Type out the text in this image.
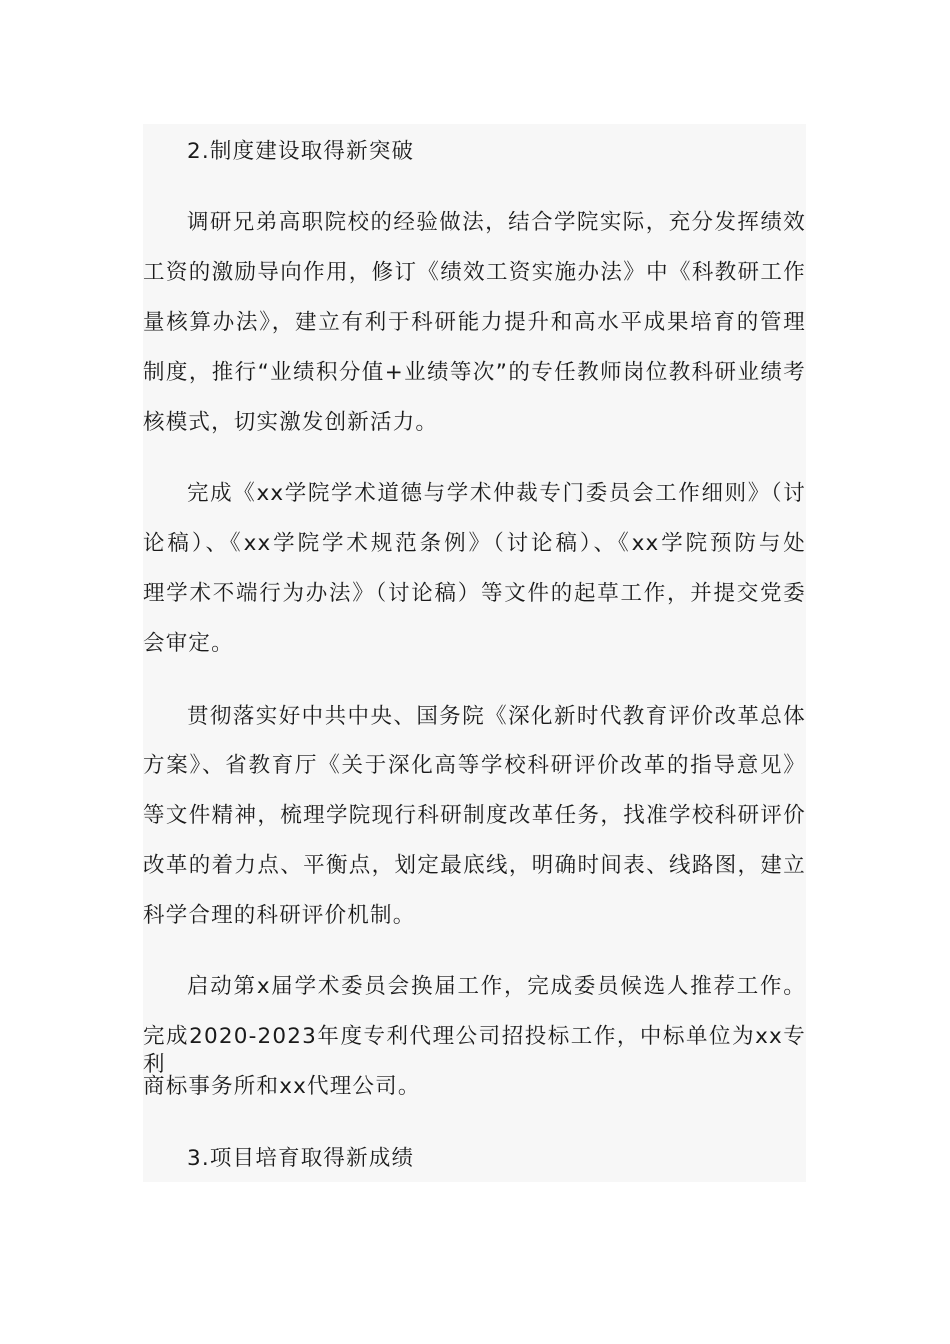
2.制度建设取得新突破
调研兄弟高职院校的经验做法，结合学院实际，充分发挥绩效
工资的激励导向作用，修订《绩效工资实施办法》中《科教研工作
量核算办法》，建立有利于科研能力提升和高水平成果培育的管理
制度，推行“业绩积分值+业绩等次”的专任教师岗位教科研业绩考
核模式，切实激发创新活力。
完成《xx学院学术道德与学术仲裁专门委员会工作细则》（讨
论稿）、《xx学院学术规范条例》（讨论稿）、《xx学院预防与处
理学术不端行为办法》（讨论稿）等文件的起草工作，并提交党委
会审定。
贯彻落实好中共中央、国务院《深化新时代教育评价改革总体
方案》、省教育厅《关于深化高等学校科研评价改革的指导意见》
等文件精神，梳理学院现行科研制度改革任务，找准学校科研评价
改革的着力点、平衡点，划定最底线，明确时间表、线路图，建立
科学合理的科研评价机制。
启动第x届学术委员会换届工作，完成委员候选人推荐工作。
完成2020-2023年度专利代理公司招投标工作，中标单位为xx专利
商标事务所和xx代理公司。
3.项目培育取得新成绩
